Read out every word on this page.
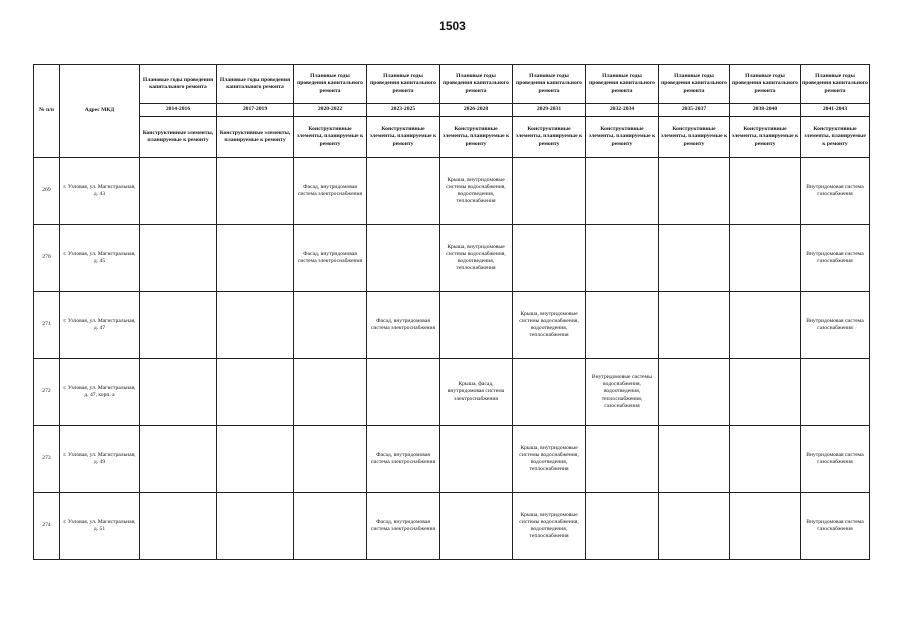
1503
№ п/п	Адрес МКД	Плановые годы проведения капитального ремонта	Плановые годы проведения капитального ремонта	Плановые годы проведения капитального ремонта	Плановые годы проведения капитального ремонта	Плановые годы проведения капитального ремонта	Плановые годы проведения капитального ремонта	Плановые годы проведения капитального ремонта	Плановые годы проведения капитального ремонта	Плановые годы проведения капитального ремонта	Плановые годы проведения капитального ремонта
		2014-2016	2017-2019	2020-2022	2023-2025	2026-2028	2029-2031	2032-2034	2035-2037	2038-2040	2041-2043
		Конструктивные элементы, планируемые к ремонту	Конструктивные элементы, планируемые к ремонту	Конструктивные элементы, планируемые к ремонту	Конструктивные элементы, планируемые к ремонту	Конструктивные элементы, планируемые к ремонту	Конструктивные элементы, планируемые к ремонту	Конструктивные элементы, планируемые к ремонту	Конструктивные элементы, планируемые к ремонту	Конструктивные элементы, планируемые к ремонту	Конструктивные элементы, планируемые к ремонту
269	г. Узловая, ул. Магистральная, д. 43			Фасад, внутридомовая система электроснабжения		Крыша, внутридомовые системы водоснабжения, водоотведения, теплоснабжения					Внутридомовая система газоснабжения
270	г. Узловая, ул. Магистральная, д. 45			Фасад, внутридомовая система электроснабжения		Крыша, внутридомовые системы водоснабжения, водоотведения, теплоснабжения					Внутридомовая система газоснабжения
271	г. Узловая, ул. Магистральная, д. 47				Фасад, внутридомовая система электроснабжения		Крыша, внутридомовые системы водоснабжения, водоотведения, теплоснабжения				Внутридомовая система газоснабжения
272	г. Узловая, ул. Магистральная, д. 47, корп. а					Крыша, фасад, внутридомовая система электроснабжения		Внутридомовые системы водоснабжения, водоотведения, теплоснабжения, газоснабжения			
273	г. Узловая, ул. Магистральная, д. 49				Фасад, внутридомовая система электроснабжения		Крыша, внутридомовые системы водоснабжения, водоотведения, теплоснабжения				Внутридомовая система газоснабжения
274	г. Узловая, ул. Магистральная, д. 51				Фасад, внутридомовая система электроснабжения		Крыша, внутридомовые системы водоснабжения, водоотведения, теплоснабжения				Внутридомовая система газоснабжения
